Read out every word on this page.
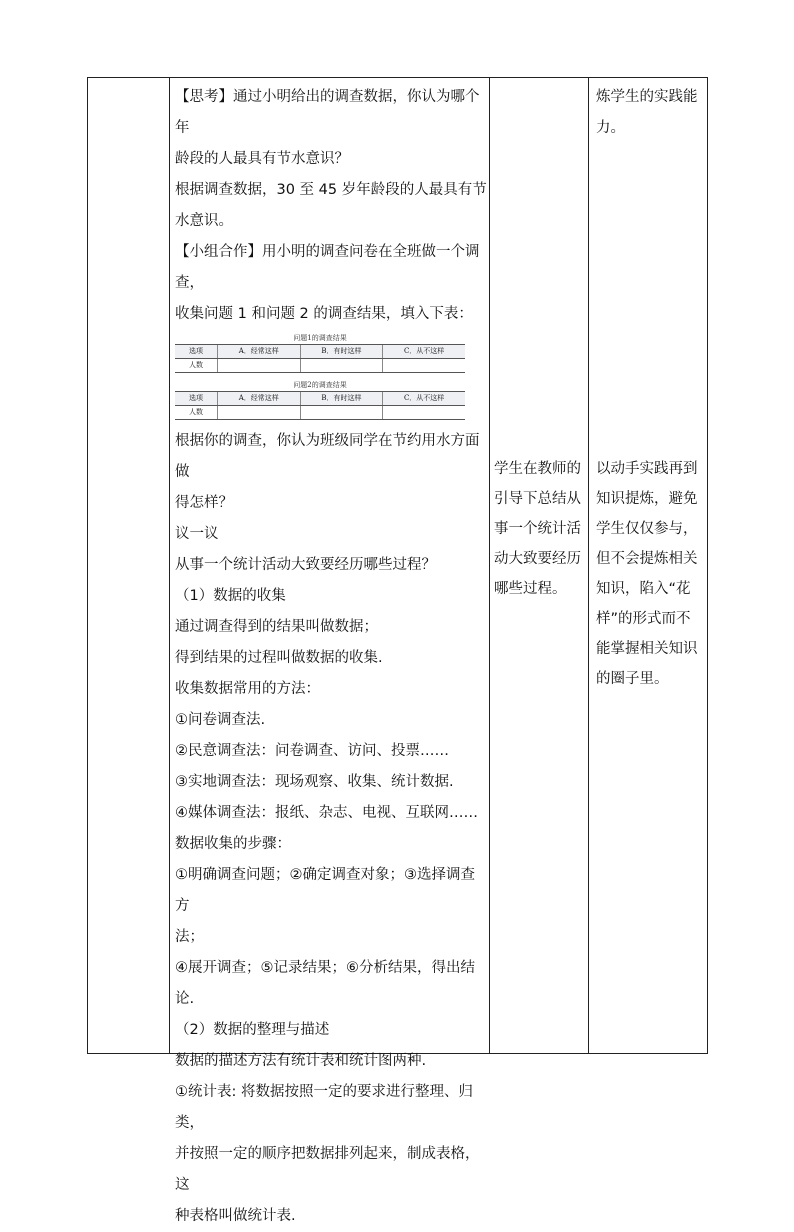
【思考】通过小明给出的调查数据，你认为哪个年

龄段的人最具有节水意识？

根据调查数据，30 至 45 岁年龄段的人最具有节

水意识。

【小组合作】用小明的调查问卷在全班做一个调查，

收集问题 1 和问题 2 的调查结果，填入下表：

问题1的调查结果
选项	A．经常这样	B．有时这样	C．从不这样
人数			
问题2的调查结果
选项	A．经常这样	B．有时这样	C．从不这样
人数			

根据你的调查，你认为班级同学在节约用水方面做

得怎样？

议一议

从事一个统计活动大致要经历哪些过程？

（1）数据的收集

通过调查得到的结果叫做数据；

得到结果的过程叫做数据的收集.

收集数据常用的方法：

①问卷调查法.

②民意调查法：问卷调查、访问、投票……

③实地调查法：现场观察、收集、统计数据.

④媒体调查法：报纸、杂志、电视、互联网……

数据收集的步骤：

①明确调查问题；②确定调查对象；③选择调查方

法；

④展开调查；⑤记录结果；⑥分析结果，得出结

论.

（2）数据的整理与描述

数据的描述方法有统计表和统计图两种.

①统计表: 将数据按照一定的要求进行整理、归类，

并按照一定的顺序把数据排列起来，制成表格，这

种表格叫做统计表.

炼学生的实践能
力。
学生在教师的
引导下总结从
事一个统计活
动大致要经历
哪些过程。
以动手实践再到
知识提炼，避免
学生仅仅参与，
但不会提炼相关
知识，陷入“花
样”的形式而不
能掌握相关知识
的圈子里。
